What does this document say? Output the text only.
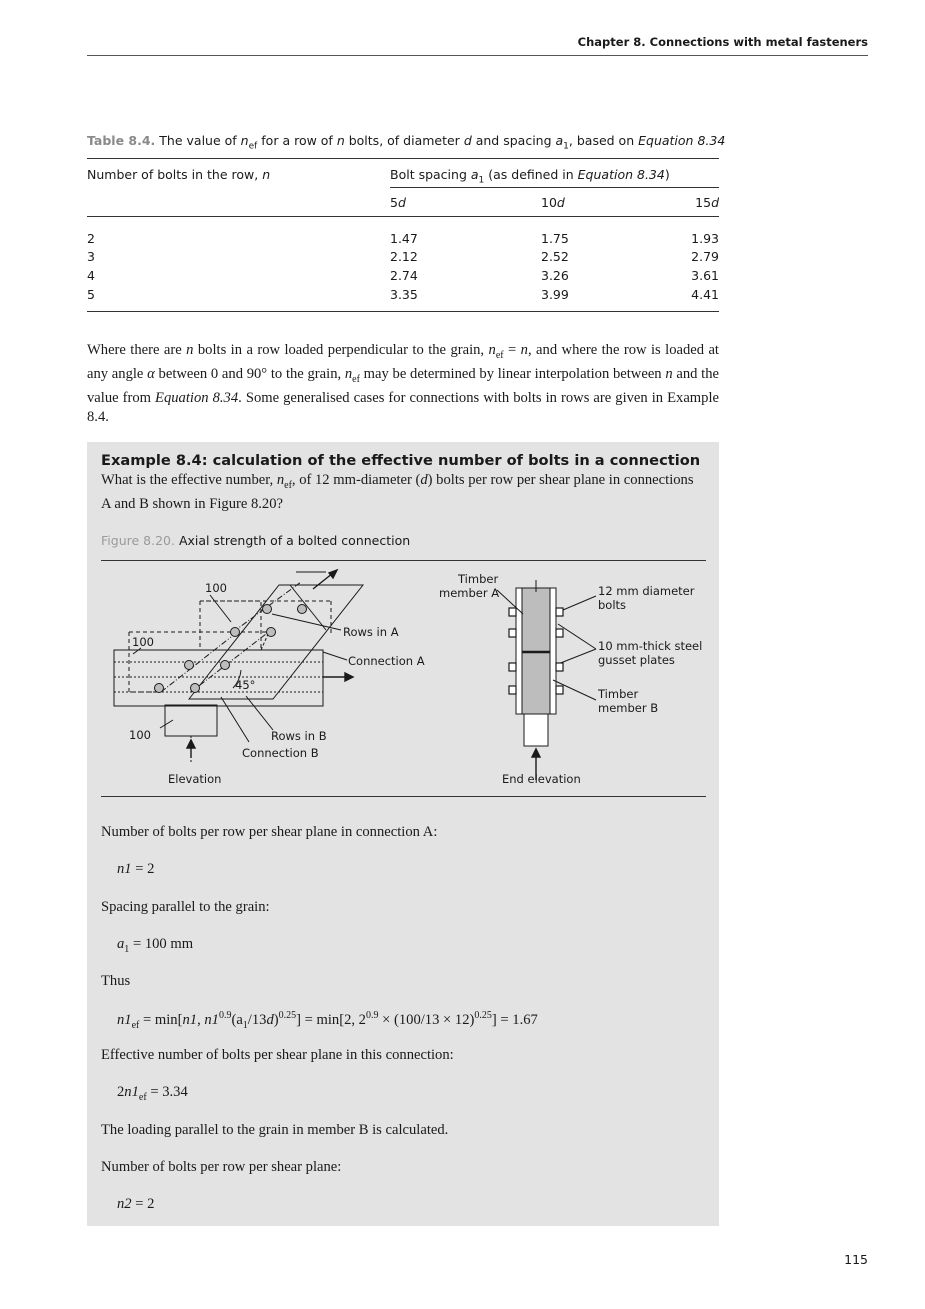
Chapter 8. Connections with metal fasteners
Table 8.4. The value of $n_{ef}$ for a row of n bolts, of diameter d and spacing $a_1$, based on Equation 8.34
Number of bolts in the row, n	Bolt spacing $a_1$ (as defined in Equation 8.34)
5d	10d	15d
2	1.47	1.75	1.93
3	2.12	2.52	2.79
4	2.74	3.26	3.61
5	3.35	3.99	4.41
Where there are n bolts in a row loaded perpendicular to the grain, $n_{ef} = n$, and where the row is loaded at any angle α between 0 and 90° to the grain, $n_{ef}$ may be determined by linear interpolation between n and the value from Equation 8.34. Some generalised cases for connections with bolts in rows are given in Example 8.4.
Example 8.4: calculation of the effective number of bolts in a connection
What is the effective number, $n_{ef}$, of 12 mm-diameter (d) bolts per row per shear plane in connections A and B shown in Figure 8.20?
Figure 8.20. Axial strength of a bolted connection
100
100
100
45°
Rows in A
Connection A
Rows in B
Connection B
Elevation
Timber
member A	12 mm diameter
bolts
10 mm-thick steel
gusset plates
Timber
member B
End elevation
Number of bolts per row per shear plane in connection A:
n1 = 2
Spacing parallel to the grain:
$a_1 = 100$ mm
Thus
$n1_{ef} = \min[n1$, $n1^{0.9}(a_1/13d)^{0.25}] = \min[2$, $2^{0.9} \times (100/13 \times 12)^{0.25}] = 1.67$
Effective number of bolts per shear plane in this connection:
$2n1_{ef} = 3.34$
The loading parallel to the grain in member B is calculated.
Number of bolts per row per shear plane:
n2 = 2
115
